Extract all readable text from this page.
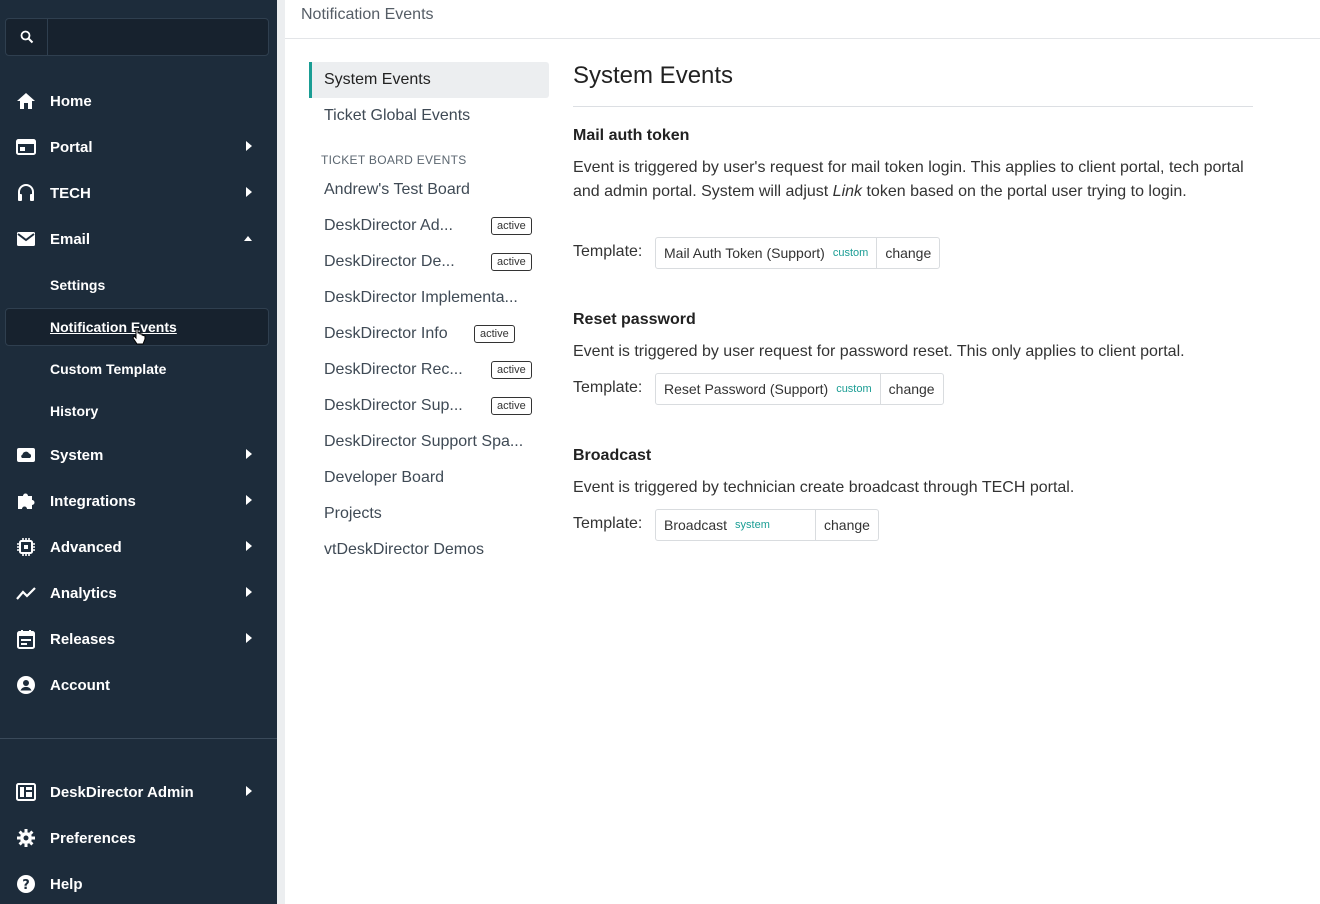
Home
Portal
TECH
Email
Settings
Notification Events
Custom Template
History
System
Integrations
Advanced
Analytics
Releases
Account
DeskDirector Admin
Preferences
? Help
Notification Events
System Events
Ticket Global Events
TICKET BOARD EVENTS
Andrew's Test Board
DeskDirector Ad...	active
DeskDirector De...	active
DeskDirector Implementa...
DeskDirector Info	active
DeskDirector Rec...	active
DeskDirector Sup...	active
DeskDirector Support Spa...
Developer Board
Projects
vtDeskDirector Demos
System Events
Mail auth token
Event is triggered by user's request for mail token login. This applies to client portal, tech portal and admin portal. System will adjust Link token based on the portal user trying to login.
Template: Mail Auth Token (Support) custom	change
Reset password
Event is triggered by user request for password reset. This only applies to client portal.
Template: Reset Password (Support) custom	change
Broadcast
Event is triggered by technician create broadcast through TECH portal.
Template: Broadcast system	change
